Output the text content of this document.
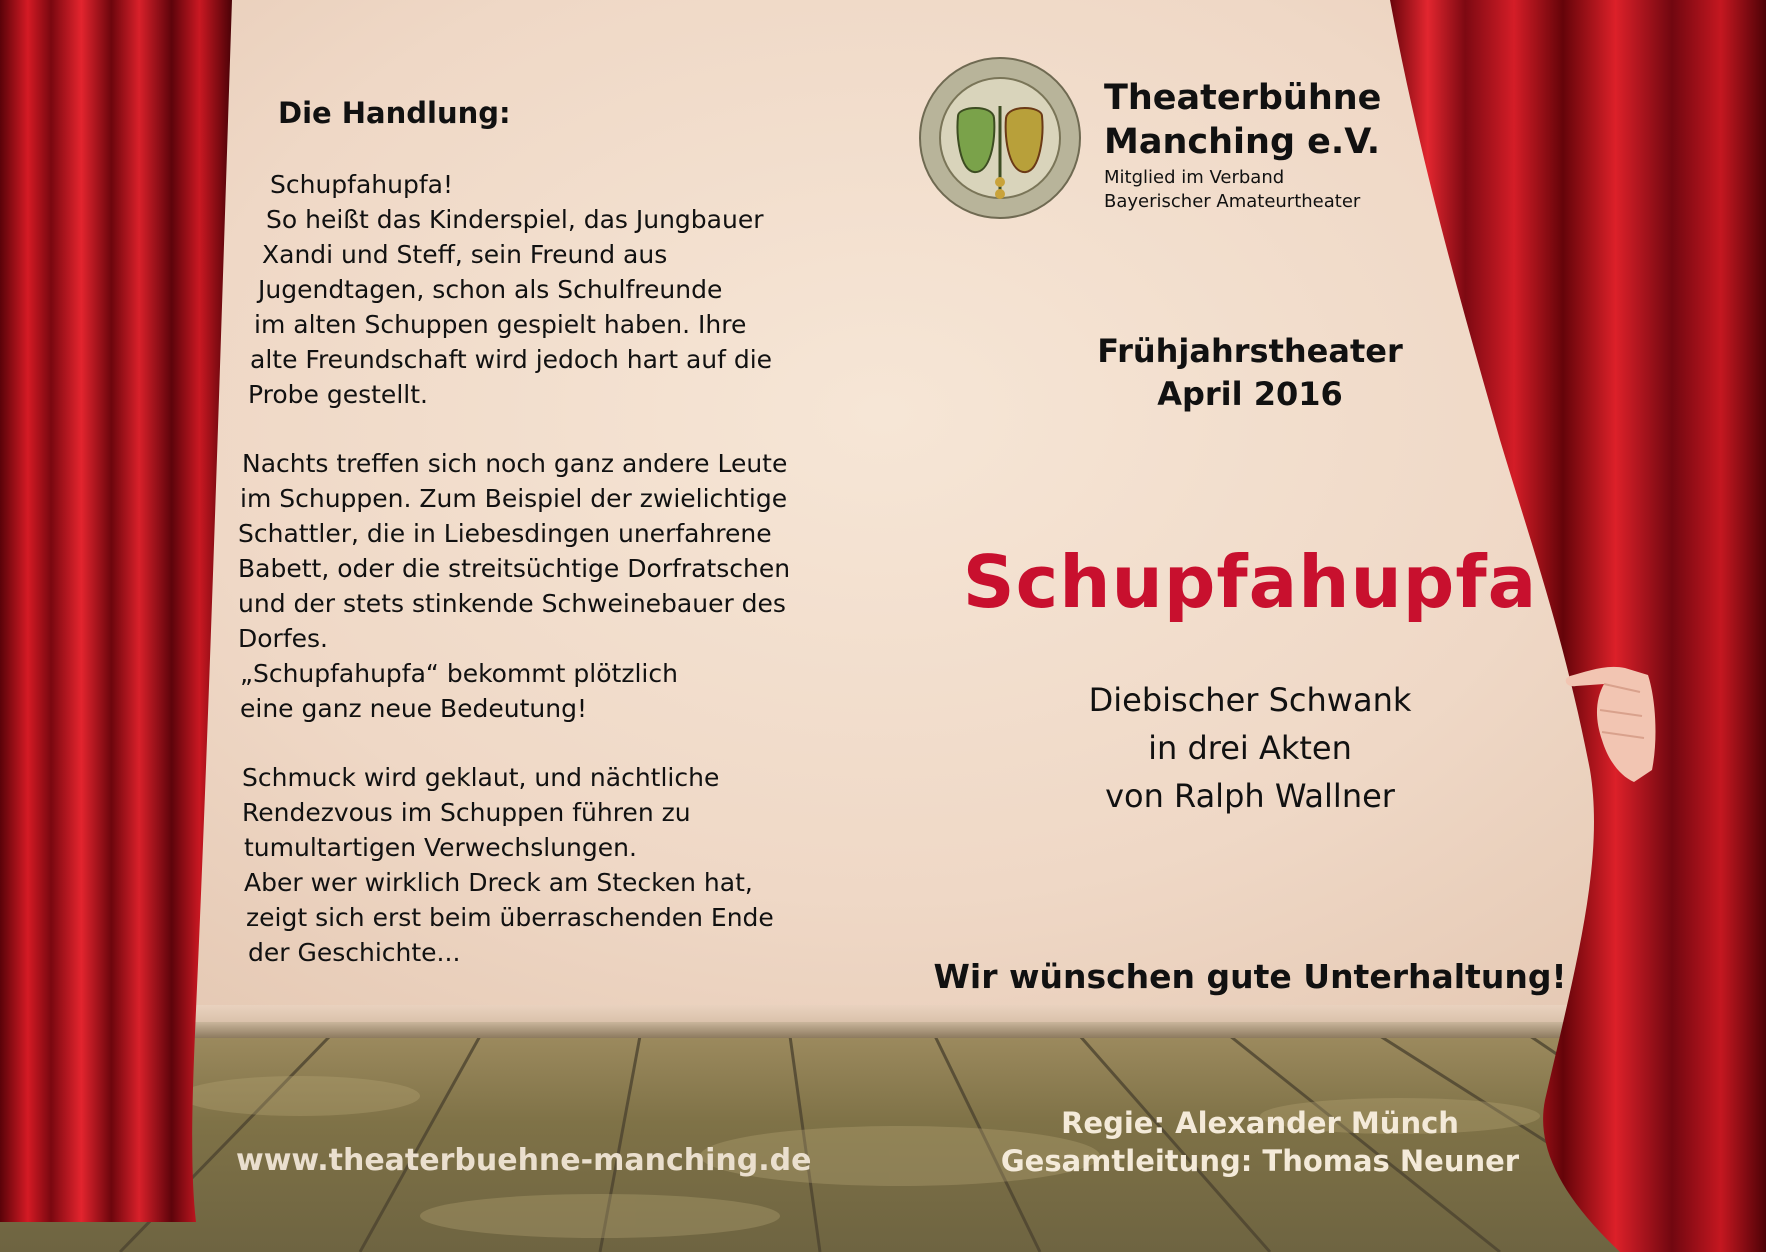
Die Handlung:
Schupfahupfa!
So heißt das Kinderspiel, das Jungbauer
Xandi und Steff, sein Freund aus
Jugendtagen, schon als Schulfreunde
im alten Schuppen gespielt haben. Ihre
alte Freundschaft wird jedoch hart auf die
Probe gestellt.
Nachts treffen sich noch ganz andere Leute
im Schuppen. Zum Beispiel der zwielichtige
Schattler, die in Liebesdingen unerfahrene
Babett, oder die streitsüchtige Dorfratschen
und der stets stinkende Schweinebauer des
Dorfes.
„Schupfahupfa“ bekommt plötzlich
eine ganz neue Bedeutung!
Schmuck wird geklaut, und nächtliche
Rendezvous im Schuppen führen zu
tumultartigen Verwechslungen.
Aber wer wirklich Dreck am Stecken hat,
zeigt sich erst beim überraschenden Ende
der Geschichte...
Theaterbühne
Manching e.V.
Mitglied im Verband
Bayerischer Amateurtheater
Frühjahrstheater
April 2016
Schupfahupfa
Diebischer Schwank
in drei Akten
von Ralph Wallner
Wir wünschen gute Unterhaltung!
Regie: Alexander Münch
Gesamtleitung: Thomas Neuner
www.theaterbuehne-manching.de
